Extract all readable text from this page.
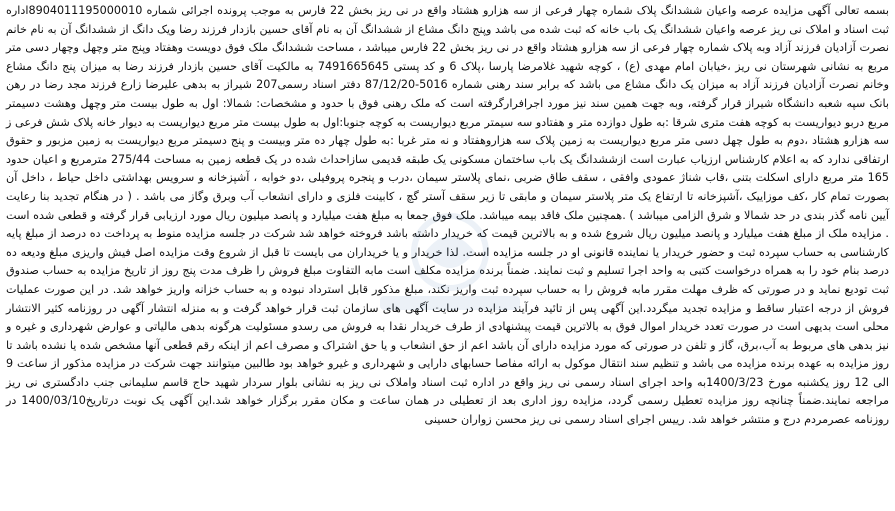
بسمه تعالی آگهی مزایده عرصه واعیان ششدانگ پلاک شماره چهار فرعی از سه هزارو هشتاد واقع در نی ریز بخش 22 فارس به موجب پرونده اجرائی شماره 8904011195000010اداره ثبت اسناد و املاک نی ریز عرصه واعیان ششدانگ یک باب خانه که ثبت شده می باشد وپنج دانگ مشاع از ششدانگ آن به نام آقای حسین بازدار فرزند رضا ویک دانگ از ششدانگ آن به نام خانم نصرت آزادیان فرزند آزاد وبه پلاک شماره چهار فرعی از سه هزارو هشتاد واقع در نی ریز بخش 22 فارس میباشد ، مساحت ششدانگ ملک فوق دویست وهفتاد وپنج متر وچهل وچهار دسی متر مربع به نشانی شهرستان نی ریز ،خیابان امام مهدی (ع) ، کوچه شهید غلامرضا پارسا ،پلاک 6 و کد پستی 7491665645 به مالکیت آقای حسین بازدار فرزند رضا به میزان پنج دانگ مشاع وخانم نصرت آزادیان فرزند آزاد به میزان یک دانگ مشاع می باشد که برابر سند رهنی شماره 5016-87/12/20 دفتر اسناد رسمی207 شیراز به بدهی علیرضا زارع فرزند مجد رضا در رهن بانک سپه شعبه دانشگاه شیراز قرار گرفته، وبه جهت همین سند نیز مورد اجرافرارگرفته است که ملک رهنی فوق با حدود و مشخصات: شمالا: اول به طول بیست متر وچهل وهشت دسیمتر مربع دربو دیواریست به کوچه هفت متری شرقا :به طول دوازده متر و هفتادو سه سیمتر مربع دیواریست به کوچه جنوبا:اول به طول بیست متر مربع دیواریست به دیوار خانه پلاک شش فرعی ز سه هزارو هشتاد ،دوم به طول چهل دسی متر مربع دیواریست به زمین پلاک سه هزاروهفتاد و نه متر غربا :به طول چهار ده متر وبیست و پنج دسیمتر مربع دیواریست به زمین مزبور و حقوق ارتفاقی ندارد که به اعلام کارشناس ارزیاب عبارت است ازششدانگ یک باب ساختمان مسکونی یک طبقه قدیمی سازاحداث شده در یک قطعه زمین به مساحت 275/44 مترمربع و اعیان حدود 165 متر مربع دارای اسکلت بتنی ،قاب شناژ عمودی وافقی ، سقف طاق ضربی ،نمای پلاستر سیمان ،درب و پنجره پروفیلی ،دو خوابه ، آشپزخانه و سرویس بهداشتی داخل حیاط ، داخل آن بصورت تمام کار ،کف موزاییک ،آشپزخانه تا ارتفاع یک متر پلاستر سیمان و مابقی تا زیر سقف آستر گچ ، کابینت فلزی و دارای انشعاب آب وبرق وگاز می باشد . ( در هنگام تجدید بنا رعایت آیین نامه گذر بندی در حد شمالا و شرق الزامی میباشد ) .همچنین ملک فاقد بیمه میباشد. ملک فوق جمعا به مبلغ هفت میلیارد و پانصد میلیون ریال مورد ارزیابی قرار گرفته و قطعی شده است . مزایده ملک از مبلغ هفت میلیارد و پانصد میلیون ریال شروع شده و به بالاترین قیمت که خریدار داشته باشد فروخته خواهد شد شرکت در جلسه مزایده منوط به پرداخت ده درصد از مبلغ پایه کارشناسی به حساب سپرده ثبت و حضور خریدار یا نماینده قانونی او در جلسه مزایده است. لذا خریدار و یا خریداران می بایست تا قبل از شروع وقت مزایده اصل فیش واریزی مبلغ ودیعه ده درصد بنام خود را به همراه درخواست کتبی به واحد اجرا تسلیم و ثبت نمایند. ضمناً برنده مزایده مکلف است مابه التفاوت مبلغ فروش را ظرف مدت پنج روز از تاریخ مزایده به حساب صندوق ثبت تودیع نماید و در صورتی که ظرف مهلت مقرر مابه فروش را به حساب سپرده ثبت واریز نکند، مبلغ مذکور قابل استرداد نبوده و به حساب خزانه واریز خواهد شد. در این صورت عملیات فروش از درجه اعتبار ساقط و مزایده تجدید میگردد.این آگهی پس از تائید فرآیند مزایده در سایت آگهی های سازمان ثبت قرار خواهد گرفت و به منزله انتشار آگهی در روزنامه کثیر الانتشار محلی است بدیهی است در صورت تعدد خریدار اموال فوق به بالاترین قیمت پیشنهادی از طرف خریدار نقدا به فروش می رسدو مسئولیت هرگونه بدهی مالیاتی و عوارض شهرداری و غیره و نیز بدهی های مربوط به آب،برق، گاز و تلفن در صورتی که مورد مزایده دارای آن باشد اعم از حق انشعاب و یا حق اشتراک و مصرف اعم از اینکه رقم قطعی آنها مشخص شده یا نشده باشد تا روز مزایده به عهده برنده مزایده می باشد و تنظیم سند انتقال موکول به ارائه مفاصا حسابهای دارایی و شهرداری و غیرو خواهد بود طالبین میتوانند جهت شرکت در مزایده مذکور از ساعت 9 الی 12 روز یکشنبه مورخ 1400/3/23به واحد اجرای اسناد رسمی نی ریز واقع در اداره ثبت اسناد واملاک نی ریز به نشانی بلوار سردار شهید حاج قاسم سلیمانی جنب دادگستری نی ریز مراجعه نمایند.ضمناً چنانچه روز مزایده تعطیل رسمی گردد، مزایده روز اداری بعد از تعطیلی در همان ساعت و مکان مقرر برگزار خواهد شد.این آگهی یک نوبت درتاریخ1400/03/10 در روزنامه عصرمردم درج و منتشر خواهد شد. رییس اجرای اسناد رسمی نی ریز محسن زواران حسینی
